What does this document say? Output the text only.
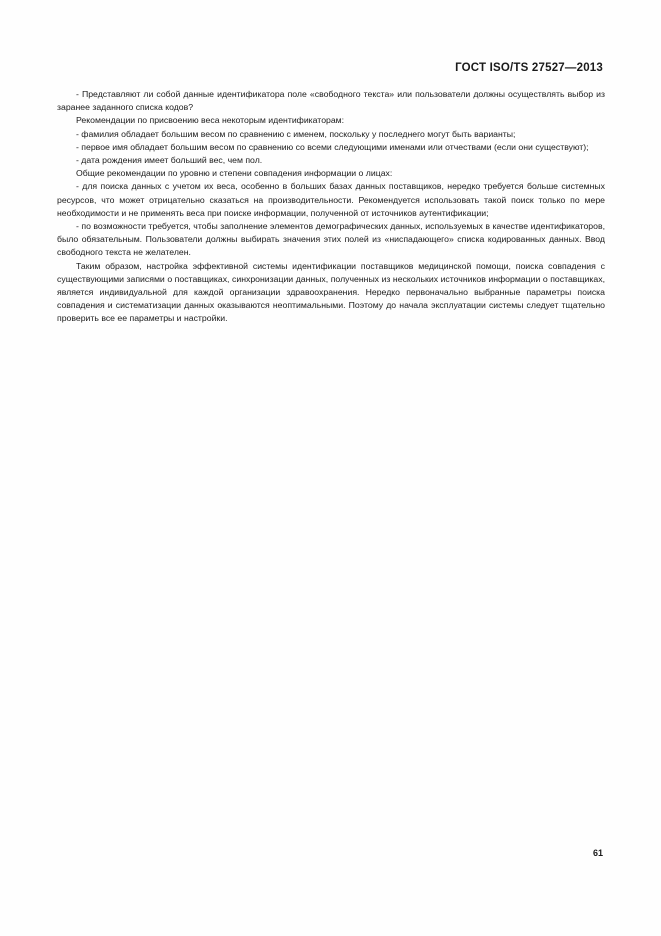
ГОСТ ISO/TS 27527—2013

- Представляют ли собой данные идентификатора поле «свободного текста» или пользователи должны осуществлять выбор из заранее заданного списка кодов?

Рекомендации по присвоению веса некоторым идентификаторам:

- фамилия обладает большим весом по сравнению с именем, поскольку у последнего могут быть варианты;

- первое имя обладает большим весом по сравнению со всеми следующими именами или отчествами (если они существуют);

- дата рождения имеет больший вес, чем пол.

Общие рекомендации по уровню и степени совпадения информации о лицах:

- для поиска данных с учетом их веса, особенно в больших базах данных поставщиков, нередко требуется больше системных ресурсов, что может отрицательно сказаться на производительности. Рекомендуется использовать такой поиск только по мере необходимости и не применять веса при поиске информации, полученной от источников аутентификации;

- по возможности требуется, чтобы заполнение элементов демографических данных, используемых в качестве идентификаторов, было обязательным. Пользователи должны выбирать значения этих полей из «ниспадающего» списка кодированных данных. Ввод свободного текста не желателен.

Таким образом, настройка эффективной системы идентификации поставщиков медицинской помощи, поиска совпадения с существующими записями о поставщиках, синхронизации данных, полученных из нескольких источников информации о поставщиках, является индивидуальной для каждой организации здравоохранения. Нередко первоначально выбранные параметры поиска совпадения и систематизации данных оказываются неоптимальными. Поэтому до начала эксплуатации системы следует тщательно проверить все ее параметры и настройки.

61
